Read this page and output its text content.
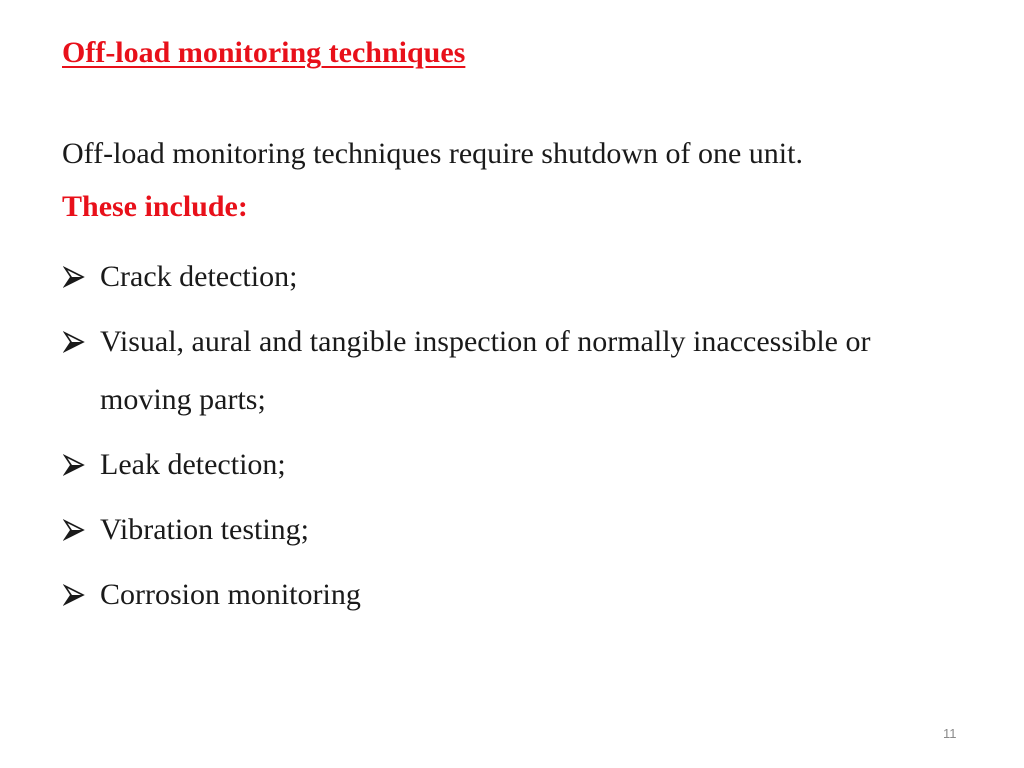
Off-load monitoring techniques
Off-load monitoring techniques require shutdown of one unit.
These include:
Crack detection;
Visual, aural and tangible inspection of normally inaccessible or moving parts;
Leak detection;
Vibration testing;
Corrosion monitoring
11
